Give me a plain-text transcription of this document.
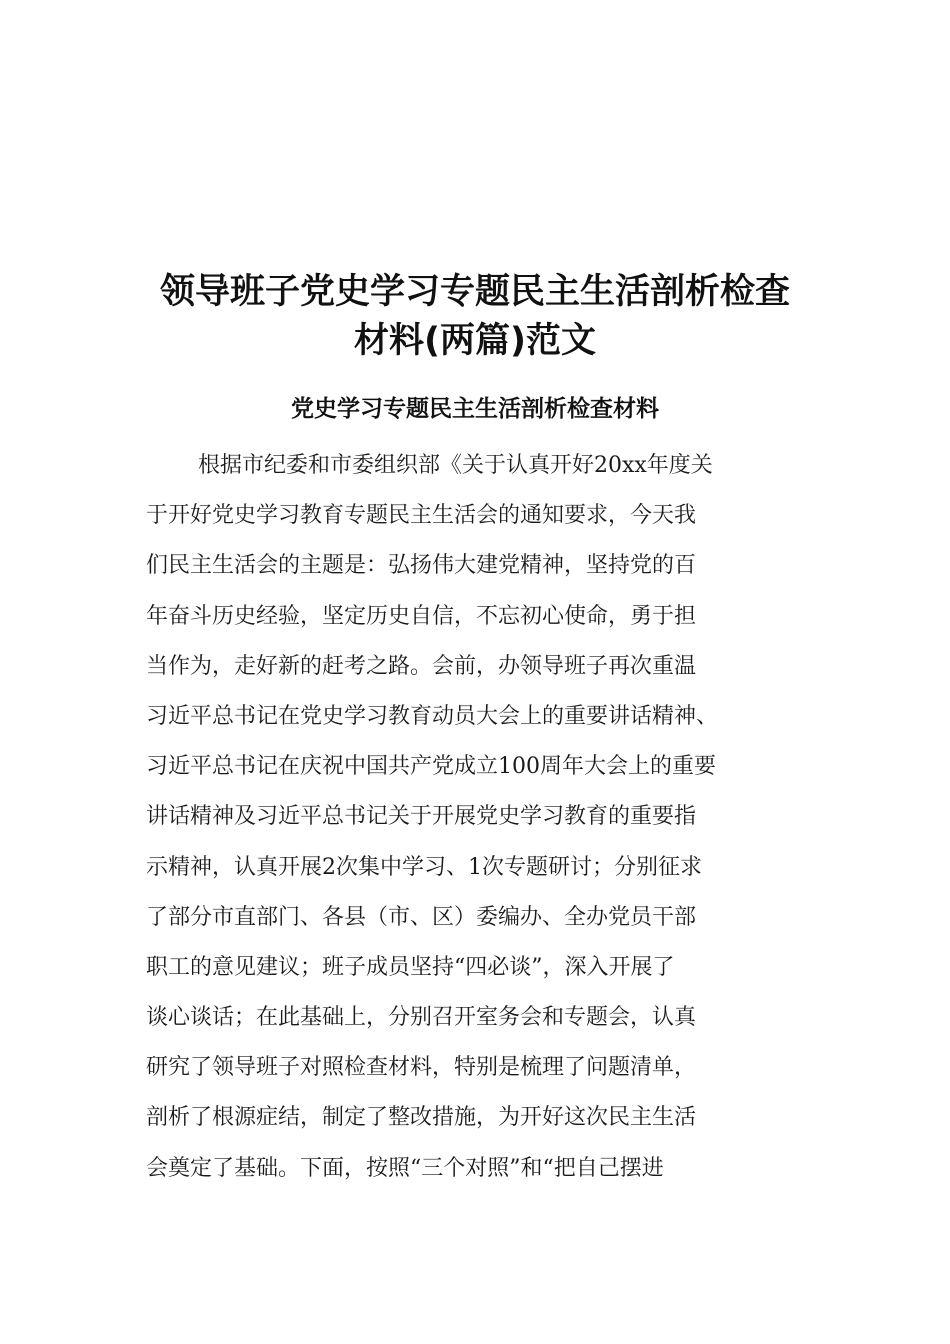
领导班子党史学习专题民主生活剖析检查
材料(两篇)范文
党史学习专题民主生活剖析检查材料
根据市纪委和市委组织部《关于认真开好20xx年度关
于开好党史学习教育专题民主生活会的通知要求，今天我
们民主生活会的主题是：弘扬伟大建党精神，坚持党的百
年奋斗历史经验，坚定历史自信，不忘初心使命，勇于担
当作为，走好新的赶考之路。会前，办领导班子再次重温
习近平总书记在党史学习教育动员大会上的重要讲话精神、
习近平总书记在庆祝中国共产党成立100周年大会上的重要
讲话精神及习近平总书记关于开展党史学习教育的重要指
示精神，认真开展2次集中学习、1次专题研讨；分别征求
了部分市直部门、各县（市、区）委编办、全办党员干部
职工的意见建议；班子成员坚持“四必谈”，深入开展了
谈心谈话；在此基础上，分别召开室务会和专题会，认真
研究了领导班子对照检查材料，特别是梳理了问题清单，
剖析了根源症结，制定了整改措施，为开好这次民主生活
会奠定了基础。下面，按照“三个对照”和“把自己摆进
